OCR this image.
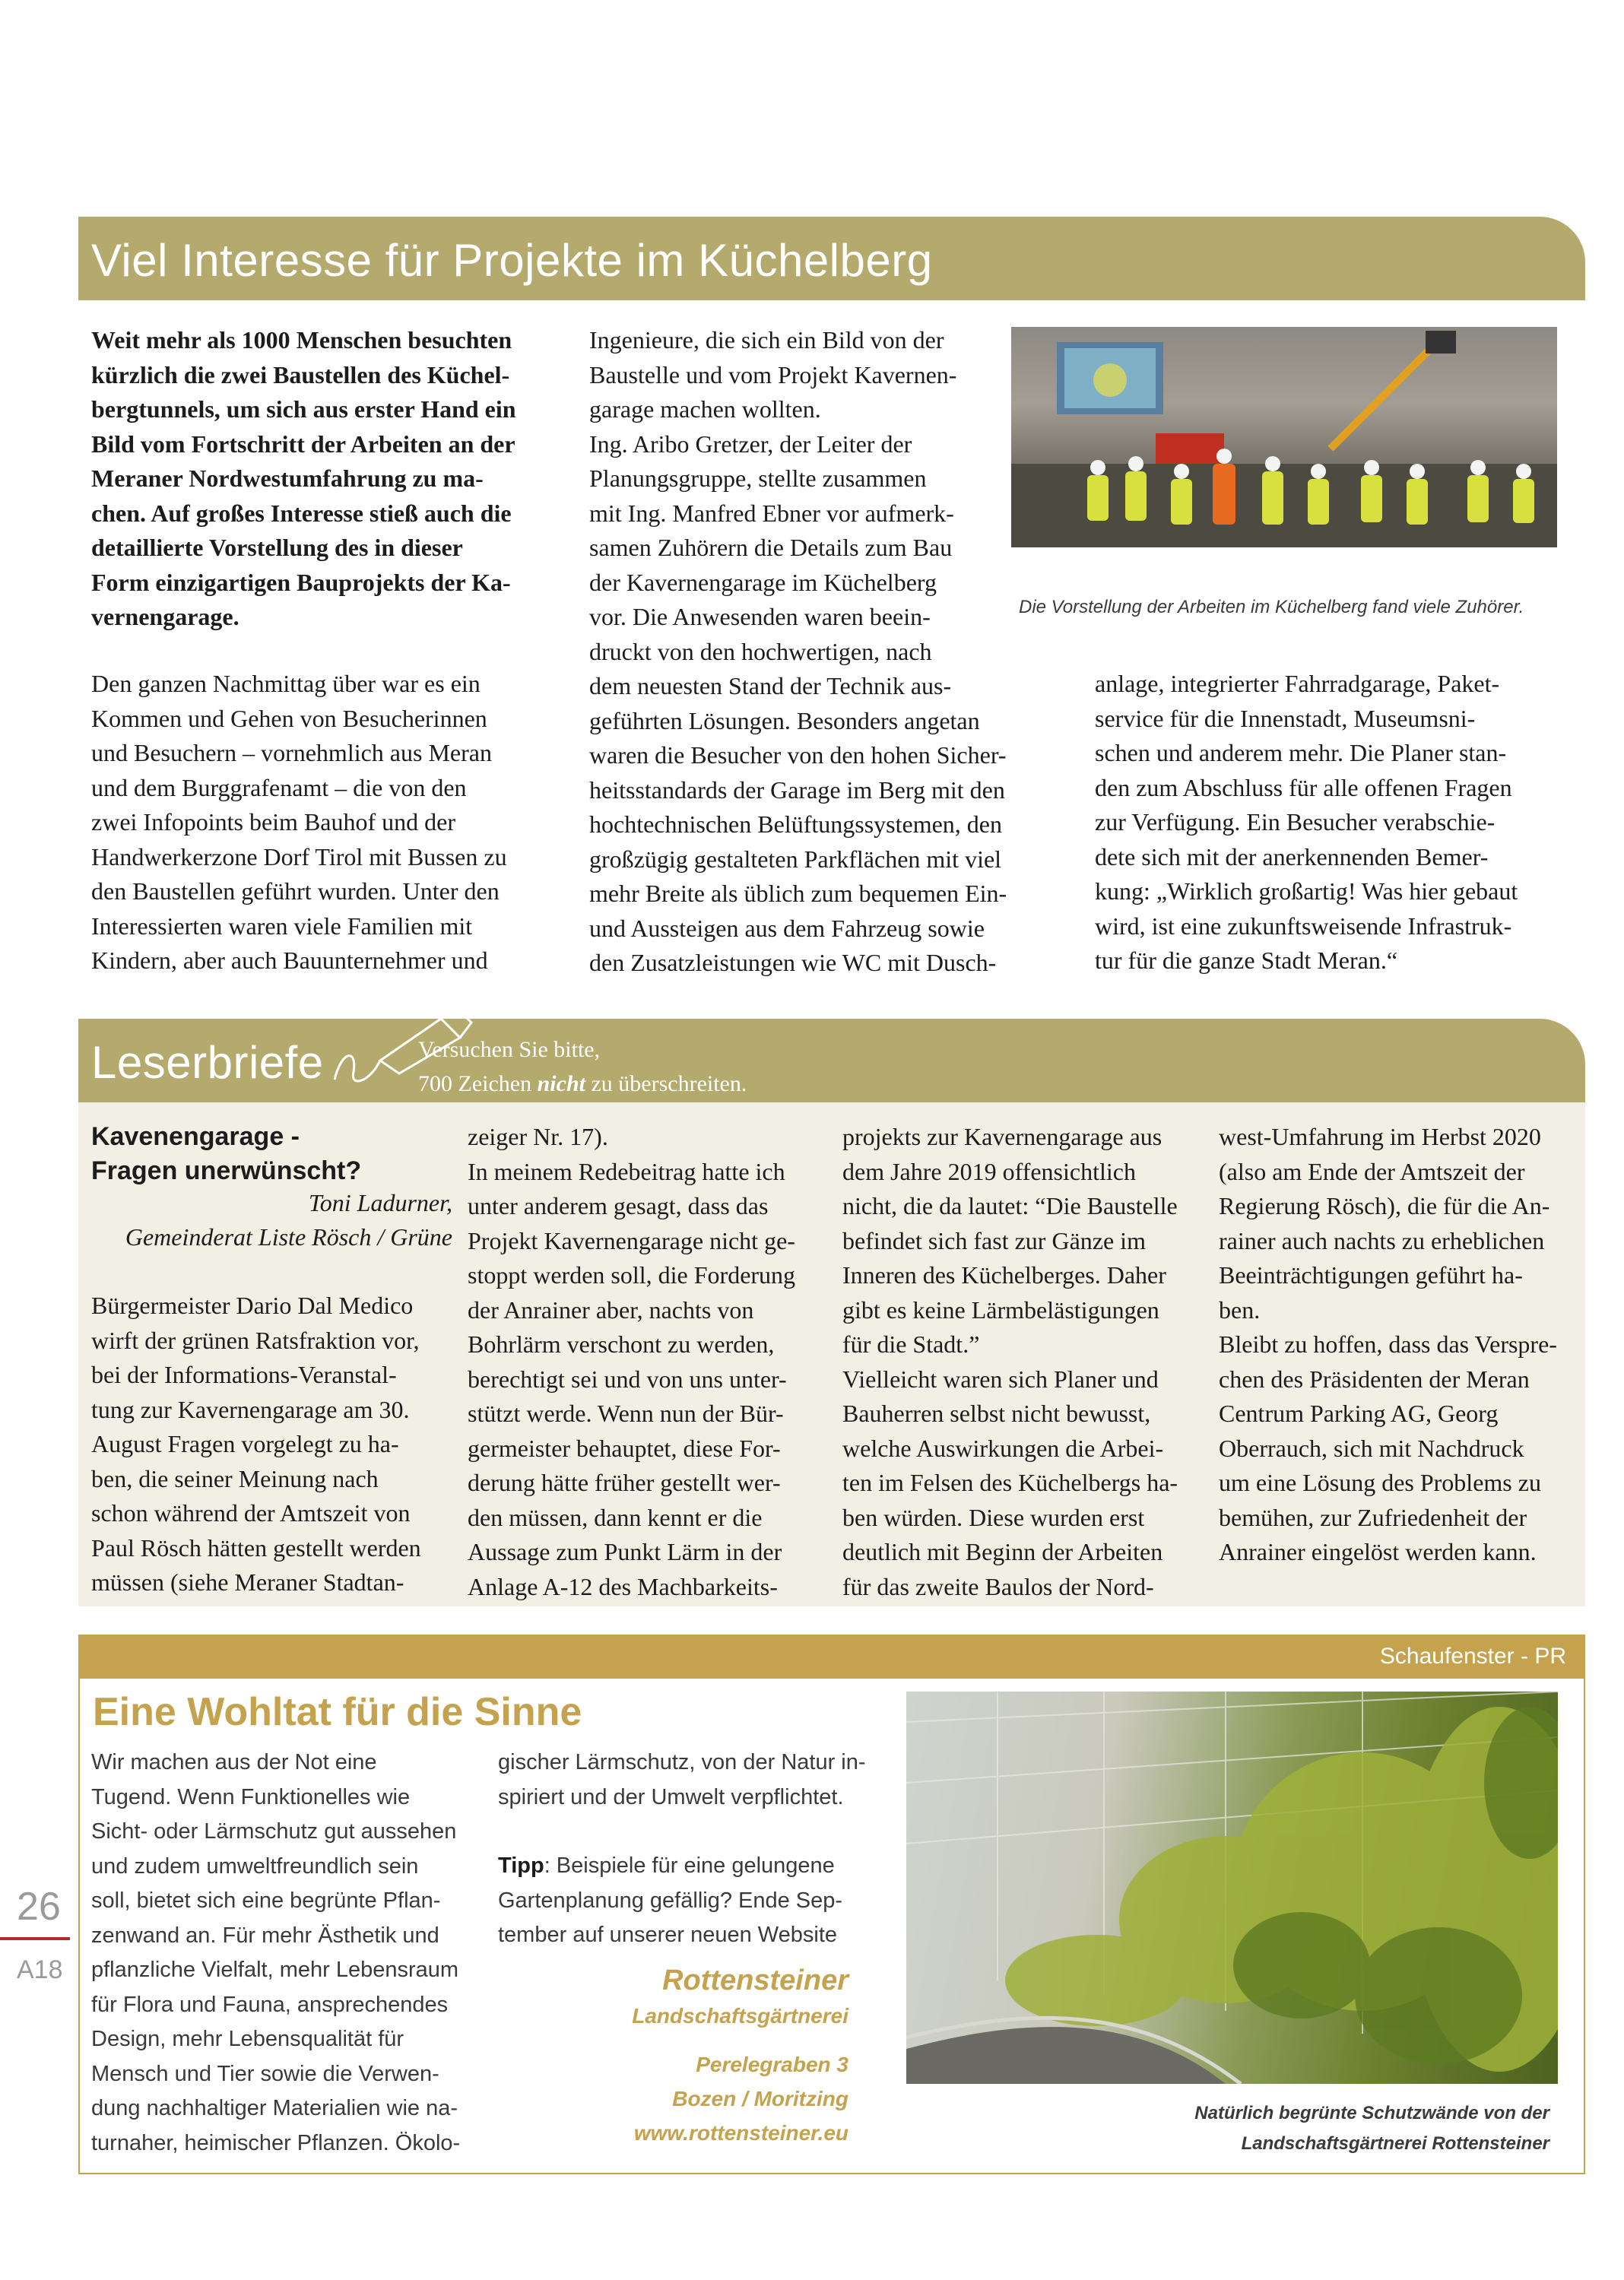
Viel Interesse für Projekte im Küchelberg
Weit mehr als 1000 Menschen besuchten
kürzlich die zwei Baustellen des Küchel-
bergtunnels, um sich aus erster Hand ein
Bild vom Fortschritt der Arbeiten an der
Meraner Nordwestumfahrung zu ma-
chen. Auf großes Interesse stieß auch die
detaillierte Vorstellung des in dieser
Form einzigartigen Bauprojekts der Ka-
vernengarage.
Den ganzen Nachmittag über war es ein
Kommen und Gehen von Besucherinnen
und Besuchern – vornehmlich aus Meran
und dem Burggrafenamt – die von den
zwei Infopoints beim Bauhof und der
Handwerkerzone Dorf Tirol mit Bussen zu
den Baustellen geführt wurden. Unter den
Interessierten waren viele Familien mit
Kindern, aber auch Bauunternehmer und
Ingenieure, die sich ein Bild von der
Baustelle und vom Projekt Kavernen-
garage machen wollten.
Ing. Aribo Gretzer, der Leiter der
Planungsgruppe, stellte zusammen
mit Ing. Manfred Ebner vor aufmerk-
samen Zuhörern die Details zum Bau
der Kavernengarage im Küchelberg
vor. Die Anwesenden waren beein-
druckt von den hochwertigen, nach
dem neuesten Stand der Technik aus-
geführten Lösungen. Besonders angetan
waren die Besucher von den hohen Sicher-
heitsstandards der Garage im Berg mit den
hochtechnischen Belüftungssystemen, den
großzügig gestalteten Parkflächen mit viel
mehr Breite als üblich zum bequemen Ein-
und Aussteigen aus dem Fahrzeug sowie
den Zusatzleistungen wie WC mit Dusch-
Die Vorstellung der Arbeiten im Küchelberg fand viele Zuhörer.
anlage, integrierter Fahrradgarage, Paket-
service für die Innenstadt, Museumsni-
schen und anderem mehr. Die Planer stan-
den zum Abschluss für alle offenen Fragen
zur Verfügung. Ein Besucher verabschie-
dete sich mit der anerkennenden Bemer-
kung: „Wirklich großartig! Was hier gebaut
wird, ist eine zukunftsweisende Infrastruk-
tur für die ganze Stadt Meran.“
Leserbriefe	Versuchen Sie bitte,
700 Zeichen nicht zu überschreiten.
Kavenengarage -
Fragen unerwünscht?
Toni Ladurner,
Gemeinderat Liste Rösch / Grüne
Bürgermeister Dario Dal Medico
wirft der grünen Ratsfraktion vor,
bei der Informations-Veranstal-
tung zur Kavernengarage am 30.
August Fragen vorgelegt zu ha-
ben, die seiner Meinung nach
schon während der Amtszeit von
Paul Rösch hätten gestellt werden
müssen (siehe Meraner Stadtan-
zeiger Nr. 17).
In meinem Redebeitrag hatte ich
unter anderem gesagt, dass das
Projekt Kavernengarage nicht ge-
stoppt werden soll, die Forderung
der Anrainer aber, nachts von
Bohrlärm verschont zu werden,
berechtigt sei und von uns unter-
stützt werde. Wenn nun der Bür-
germeister behauptet, diese For-
derung hätte früher gestellt wer-
den müssen, dann kennt er die
Aussage zum Punkt Lärm in der
Anlage A-12 des Machbarkeits-
projekts zur Kavernengarage aus
dem Jahre 2019 offensichtlich
nicht, die da lautet: “Die Baustelle
befindet sich fast zur Gänze im
Inneren des Küchelberges. Daher
gibt es keine Lärmbelästigungen
für die Stadt.”
Vielleicht waren sich Planer und
Bauherren selbst nicht bewusst,
welche Auswirkungen die Arbei-
ten im Felsen des Küchelbergs ha-
ben würden. Diese wurden erst
deutlich mit Beginn der Arbeiten
für das zweite Baulos der Nord-
west-Umfahrung im Herbst 2020
(also am Ende der Amtszeit der
Regierung Rösch), die für die An-
rainer auch nachts zu erheblichen
Beeinträchtigungen geführt ha-
ben.
Bleibt zu hoffen, dass das Verspre-
chen des Präsidenten der Meran
Centrum Parking AG, Georg
Oberrauch, sich mit Nachdruck
um eine Lösung des Problems zu
bemühen, zur Zufriedenheit der
Anrainer eingelöst werden kann.
Schaufenster - PR
Eine Wohltat für die Sinne
Wir machen aus der Not eine
Tugend. Wenn Funktionelles wie
Sicht- oder Lärmschutz gut aussehen
und zudem umweltfreundlich sein
soll, bietet sich eine begrünte Pflan-
zenwand an. Für mehr Ästhetik und
pflanzliche Vielfalt, mehr Lebensraum
für Flora und Fauna, ansprechendes
Design, mehr Lebensqualität für
Mensch und Tier sowie die Verwen-
dung nachhaltiger Materialien wie na-
turnaher, heimischer Pflanzen. Ökolo-
gischer Lärmschutz, von der Natur in-
spiriert und der Umwelt verpflichtet.
Tipp: Beispiele für eine gelungene
Gartenplanung gefällig? Ende Sep-
tember auf unserer neuen Website
Rottensteiner
Landschaftsgärtnerei
Perelegraben 3
Bozen / Moritzing
www.rottensteiner.eu
Natürlich begrünte Schutzwände von der
Landschaftsgärtnerei Rottensteiner
26
A18
